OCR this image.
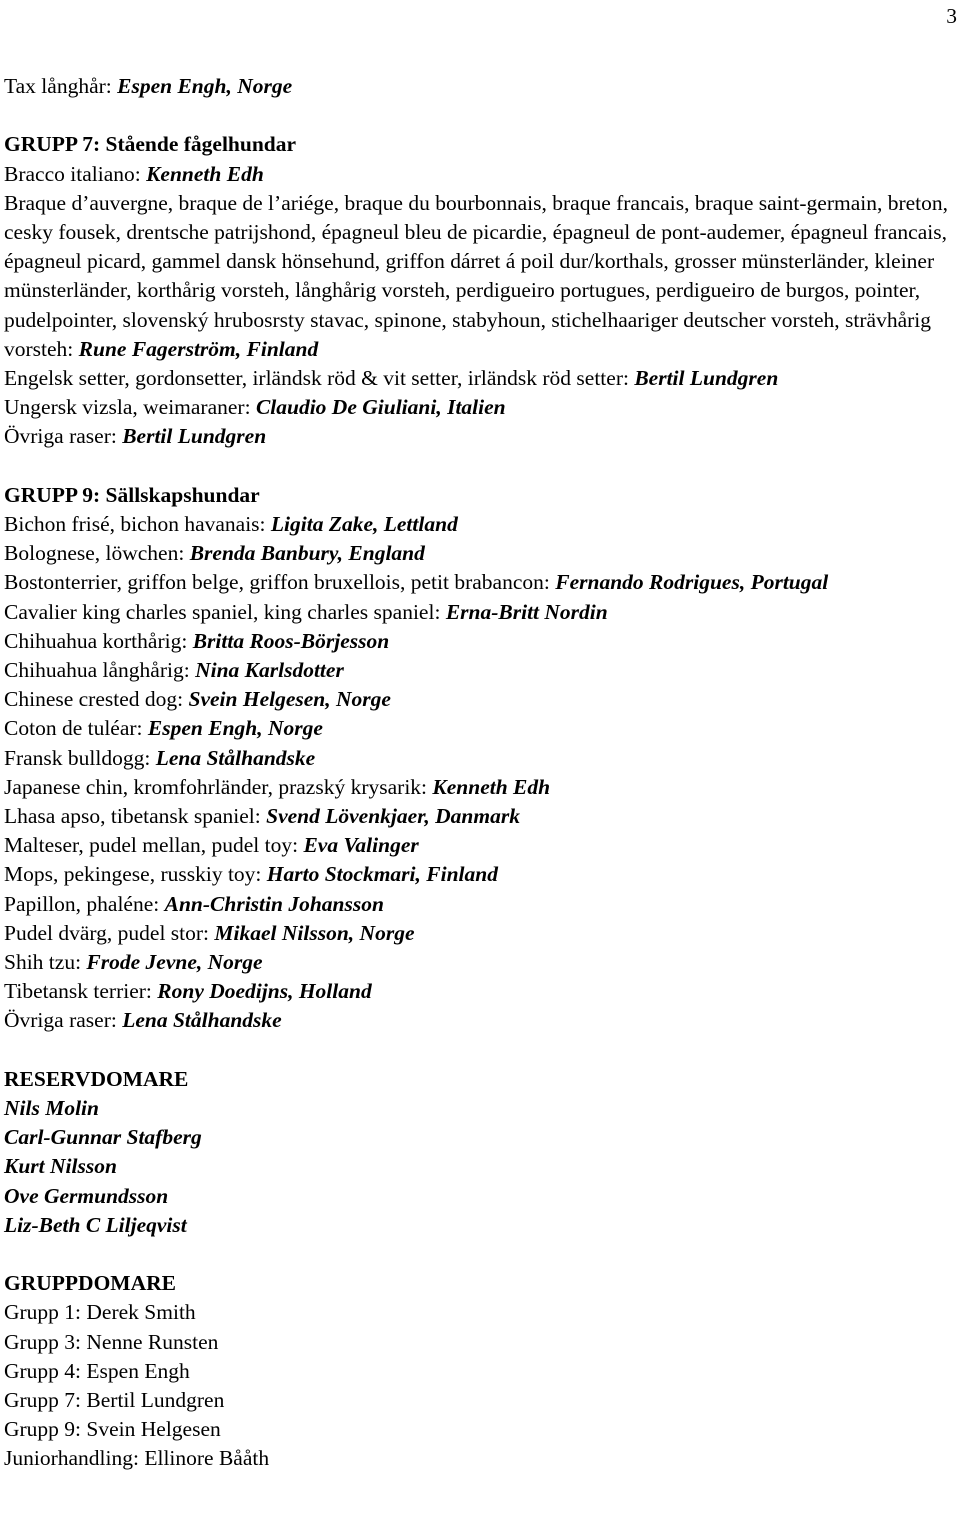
3

Tax långhår: Espen Engh, Norge

GRUPP 7: Stående fågelhundar

Bracco italiano: Kenneth Edh

Braque d’auvergne, braque de l’ariége, braque du bourbonnais, braque francais, braque saint-germain, breton, cesky fousek, drentsche patrijshond, épagneul bleu de picardie, épagneul de pont-audemer, épagneul francais, épagneul picard, gammel dansk hönsehund, griffon dárret á poil dur/korthals, grosser münsterländer, kleiner münsterländer, korthårig vorsteh, långhårig vorsteh, perdigueiro portugues, perdigueiro de burgos, pointer, pudelpointer, slovenský hrubosrsty stavac, spinone, stabyhoun, stichelhaariger deutscher vorsteh, strävhårig vorsteh: Rune Fagerström, Finland

Engelsk setter, gordonsetter, irländsk röd & vit setter, irländsk röd setter: Bertil Lundgren

Ungersk vizsla, weimaraner: Claudio De Giuliani, Italien

Övriga raser: Bertil Lundgren

GRUPP 9: Sällskapshundar

Bichon frisé, bichon havanais: Ligita Zake, Lettland

Bolognese, löwchen: Brenda Banbury, England

Bostonterrier, griffon belge, griffon bruxellois, petit brabancon: Fernando Rodrigues, Portugal

Cavalier king charles spaniel, king charles spaniel: Erna-Britt Nordin

Chihuahua korthårig: Britta Roos-Börjesson

Chihuahua långhårig: Nina Karlsdotter

Chinese crested dog: Svein Helgesen, Norge

Coton de tuléar: Espen Engh, Norge

Fransk bulldogg: Lena Stålhandske

Japanese chin, kromfohrländer, prazský krysarik: Kenneth Edh

Lhasa apso, tibetansk spaniel: Svend Lövenkjaer, Danmark

Malteser, pudel mellan, pudel toy: Eva Valinger

Mops, pekingese, russkiy toy: Harto Stockmari, Finland

Papillon, phaléne: Ann-Christin Johansson

Pudel dvärg, pudel stor: Mikael Nilsson, Norge

Shih tzu: Frode Jevne, Norge

Tibetansk terrier: Rony Doedijns, Holland

Övriga raser: Lena Stålhandske

RESERVDOMARE

Nils Molin

Carl-Gunnar Stafberg

Kurt Nilsson

Ove Germundsson

Liz-Beth C Liljeqvist

GRUPPDOMARE

Grupp 1: Derek Smith

Grupp 3: Nenne Runsten

Grupp 4: Espen Engh

Grupp 7: Bertil Lundgren

Grupp 9: Svein Helgesen

Juniorhandling: Ellinore Bååth
